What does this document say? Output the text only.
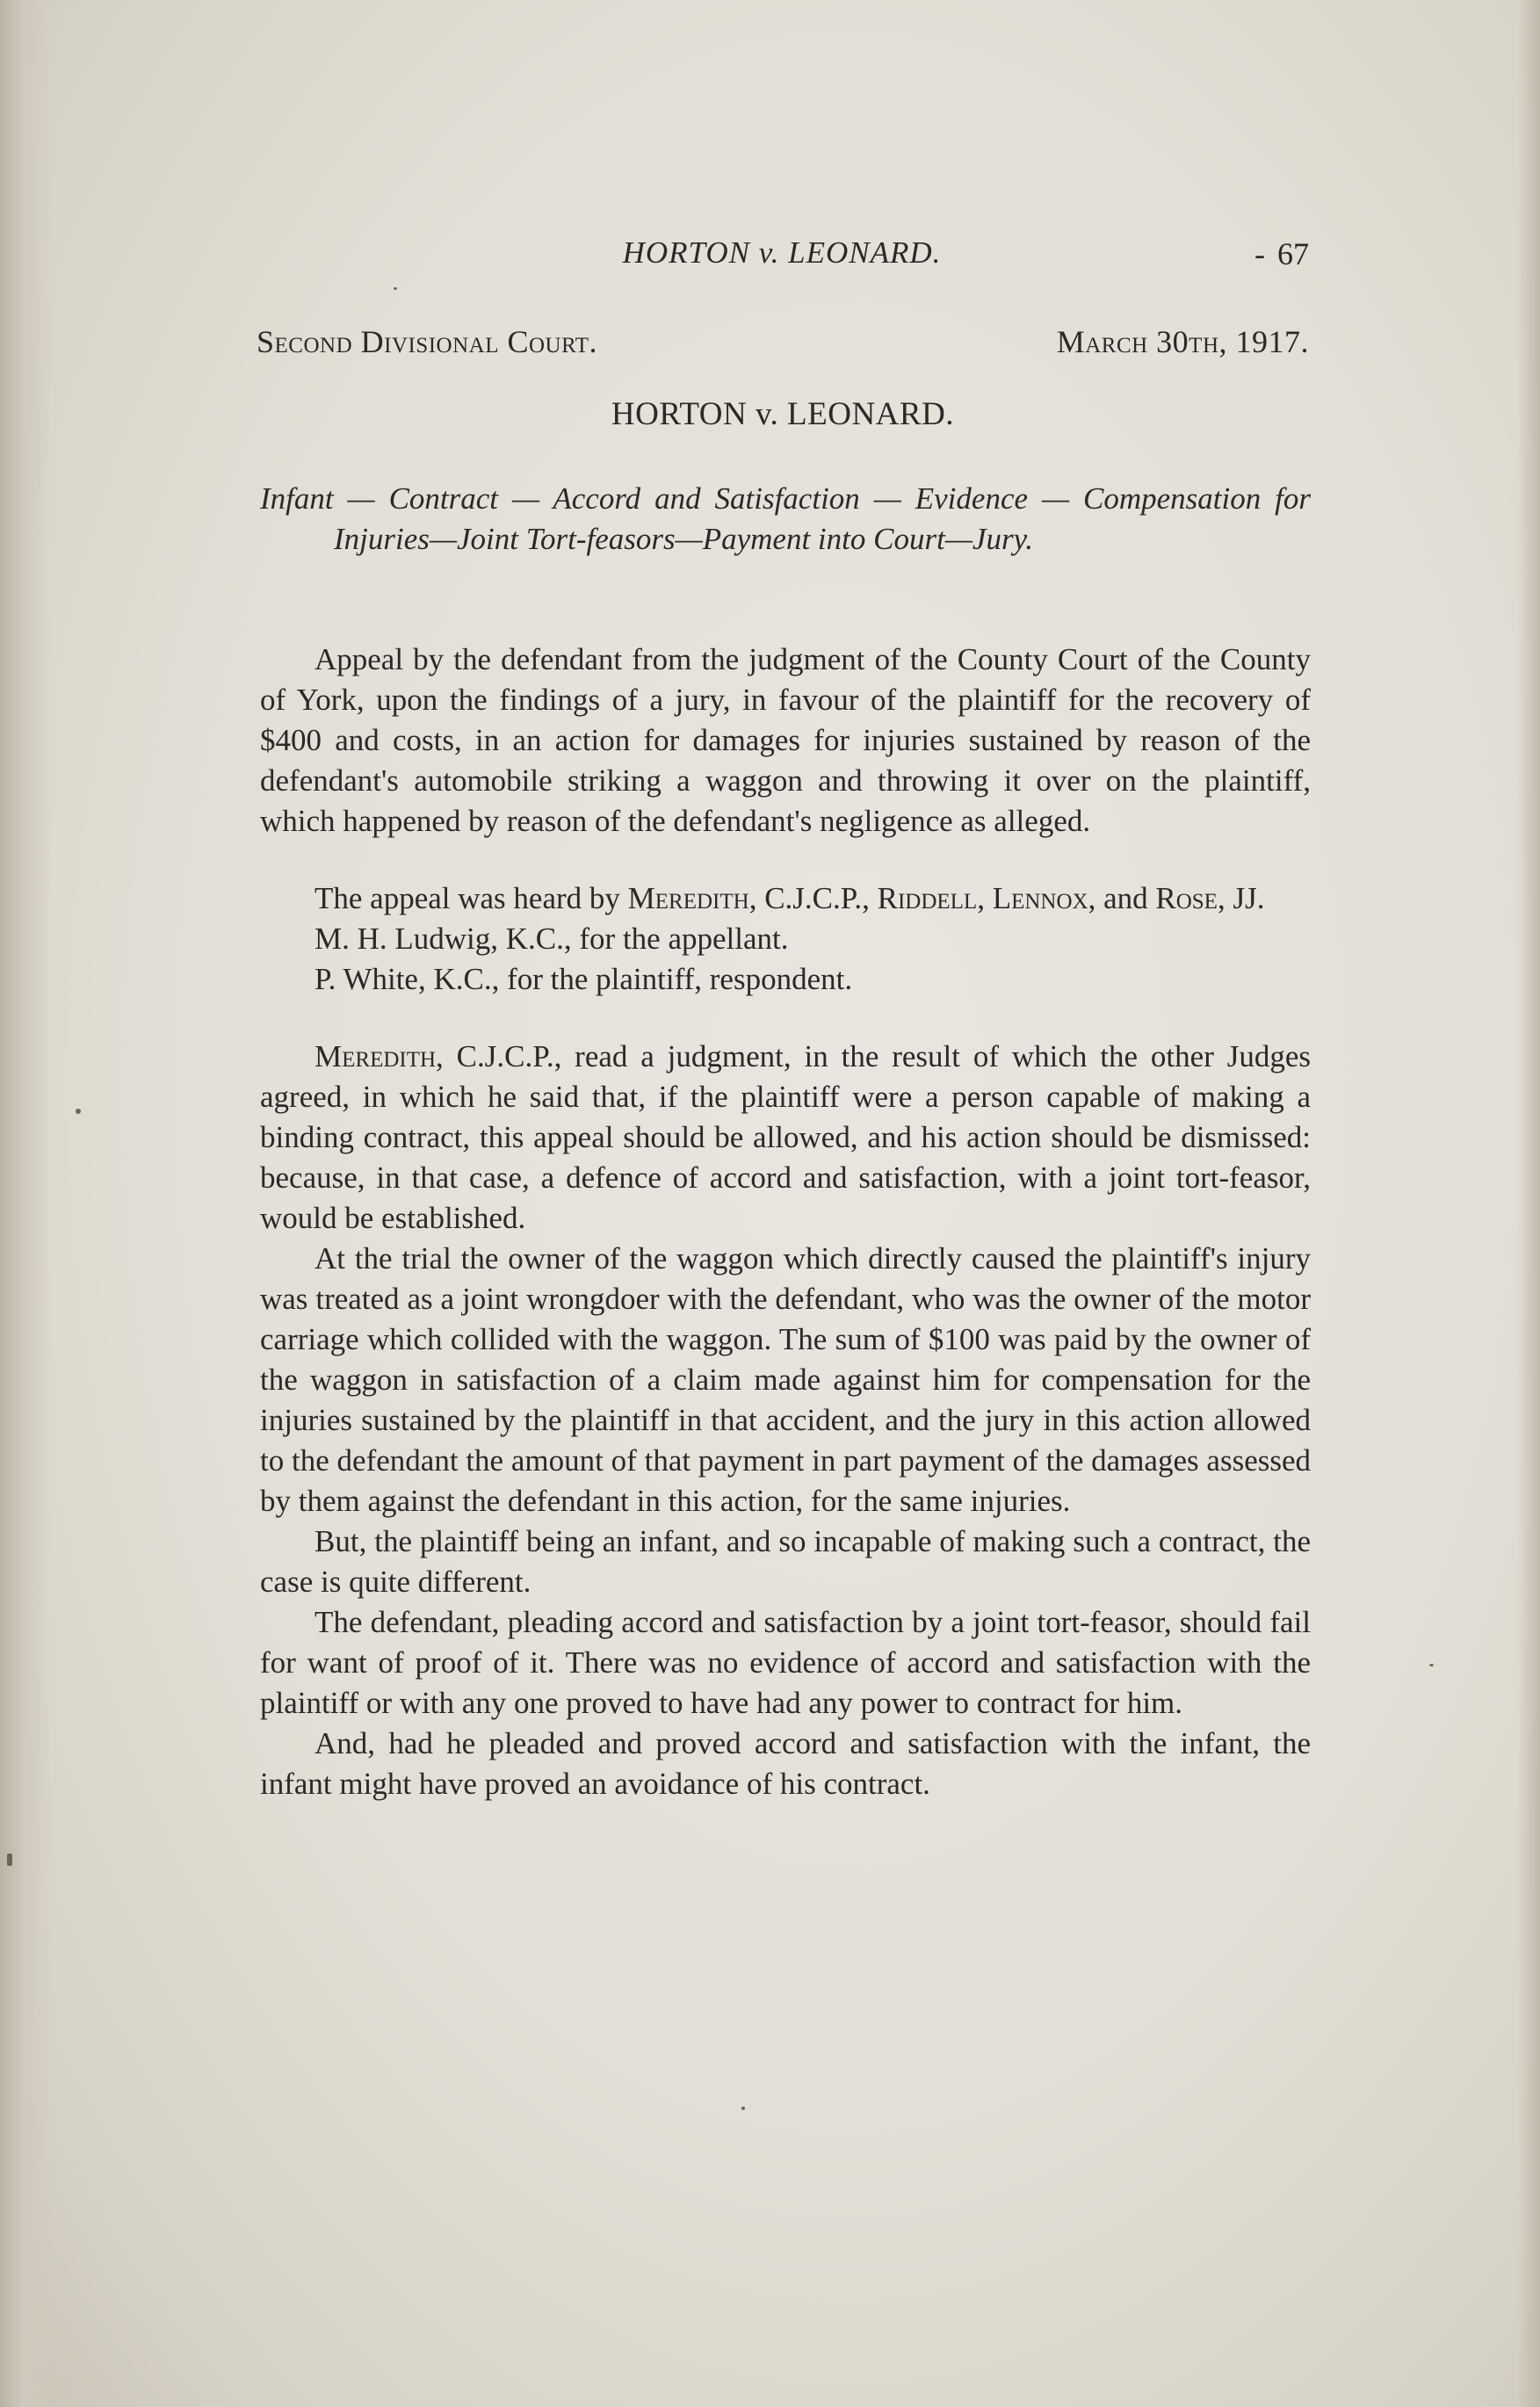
HORTON v. LEONARD.	- 67
Second Divisional Court.	March 30th, 1917.
HORTON v. LEONARD.
Infant — Contract — Accord and Satisfaction — Evidence — Compensation for Injuries—Joint Tort-feasors—Payment into Court—Jury.

Appeal by the defendant from the judgment of the County Court of the County of York, upon the findings of a jury, in favour of the plaintiff for the recovery of $400 and costs, in an action for damages for injuries sustained by reason of the defendant's automobile striking a waggon and throwing it over on the plaintiff, which happened by reason of the defendant's negligence as alleged.

The appeal was heard by Meredith, C.J.C.P., Riddell, Lennox, and Rose, JJ.

M. H. Ludwig, K.C., for the appellant.

P. White, K.C., for the plaintiff, respondent.

Meredith, C.J.C.P., read a judgment, in the result of which the other Judges agreed, in which he said that, if the plaintiff were a person capable of making a binding contract, this appeal should be allowed, and his action should be dismissed: because, in that case, a defence of accord and satisfaction, with a joint tort-feasor, would be established.

At the trial the owner of the waggon which directly caused the plaintiff's injury was treated as a joint wrongdoer with the defendant, who was the owner of the motor carriage which collided with the waggon. The sum of $100 was paid by the owner of the waggon in satisfaction of a claim made against him for compensation for the injuries sustained by the plaintiff in that accident, and the jury in this action allowed to the defendant the amount of that payment in part payment of the damages assessed by them against the defendant in this action, for the same injuries.

But, the plaintiff being an infant, and so incapable of making such a contract, the case is quite different.

The defendant, pleading accord and satisfaction by a joint tort-feasor, should fail for want of proof of it. There was no evidence of accord and satisfaction with the plaintiff or with any one proved to have had any power to contract for him.

And, had he pleaded and proved accord and satisfaction with the infant, the infant might have proved an avoidance of his contract.
